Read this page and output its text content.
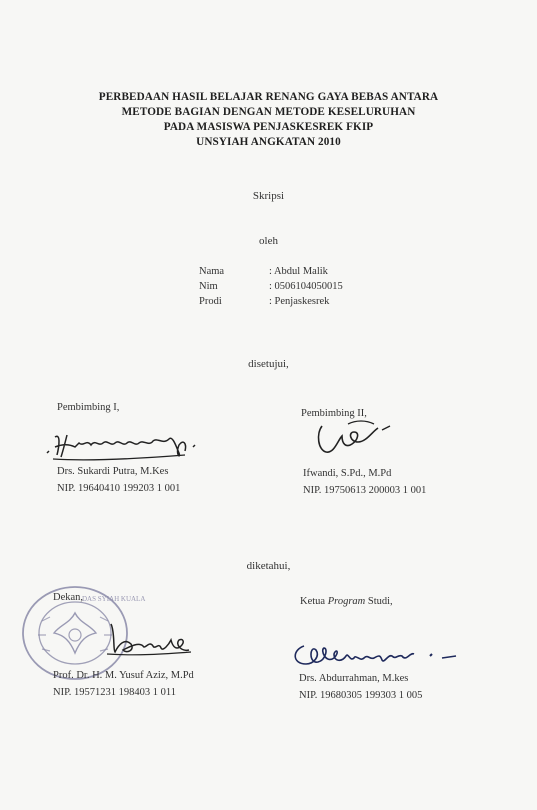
PERBEDAAN HASIL BELAJAR RENANG GAYA BEBAS ANTARA
METODE BAGIAN DENGAN METODE KESELURUHAN
PADA MASISWA PENJASKESREK FKIP
UNSYIAH ANGKATAN 2010
Skripsi
oleh
Nama	: Abdul Malik
Nim	: 0506104050015
Prodi	: Penjaskesrek
disetujui,
Pembimbing I,
Drs. Sukardi Putra, M.Kes
NIP. 19640410 199203 1 001
Pembimbing II,
Ifwandi, S.Pd., M.Pd
NIP. 19750613 200003 1 001
diketahui,
DAS SYIAH KUALA
Dekan,
Prof. Dr. H. M. Yusuf Aziz, M.Pd
NIP. 19571231 198403 1 011
Ketua Program Studi,
Drs. Abdurrahman, M.kes
NIP. 19680305 199303 1 005
